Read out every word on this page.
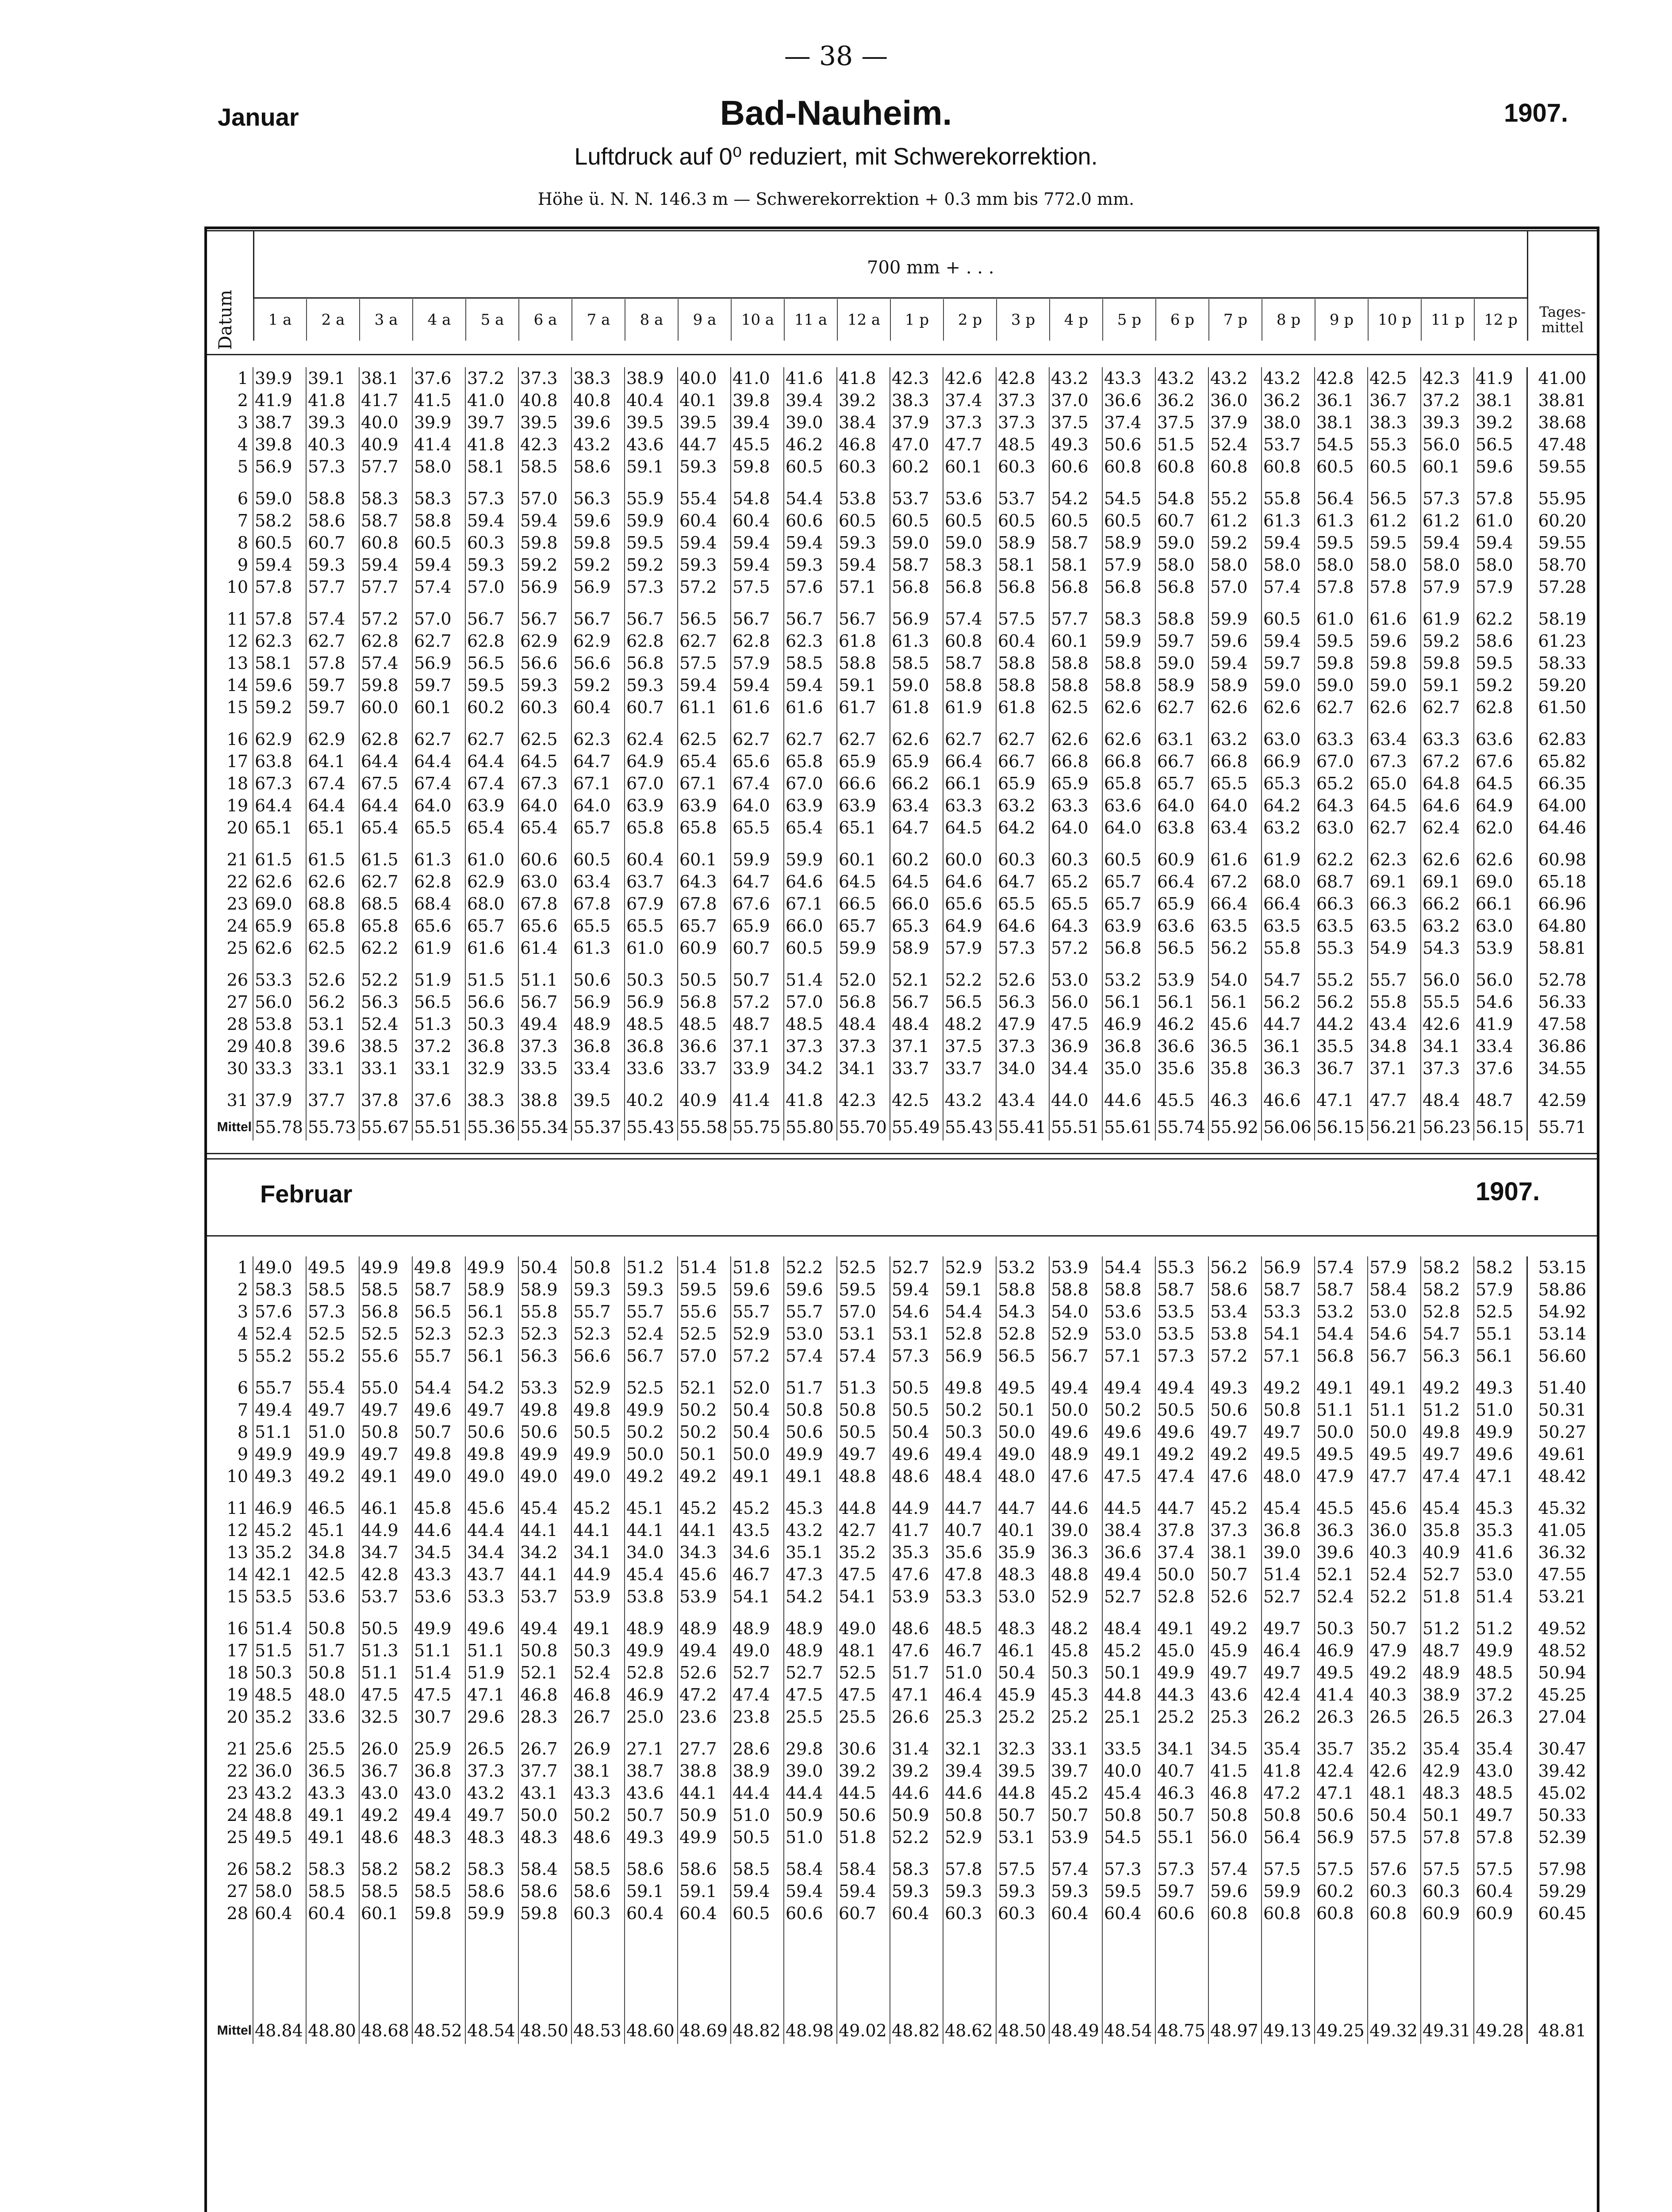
— 38 —
Januar	Bad-Nauheim.	1907.
Luftdruck auf 0⁰ reduziert, mit Schwerekorrektion.
Höhe ü. N. N. 146.3 m — Schwerekorrektion + 0.3 mm bis 772.0 mm.
700 mm + . . .
Datum 1 a	2 a	3 a	4 a	5 a	6 a	7 a	8 a	9 a	10 a	11 a	12 a	1 p	2 p	3 p	4 p	5 p	6 p	7 p	8 p	9 p	10 p	11 p	12 p	Tages-mittel
1	39.9	39.1	38.1	37.6	37.2	37.3	38.3	38.9	40.0	41.0	41.6	41.8	42.3	42.6	42.8	43.2	43.3	43.2	43.2	43.2	42.8	42.5	42.3	41.9	41.00
2	41.9	41.8	41.7	41.5	41.0	40.8	40.8	40.4	40.1	39.8	39.4	39.2	38.3	37.4	37.3	37.0	36.6	36.2	36.0	36.2	36.1	36.7	37.2	38.1	38.81
3	38.7	39.3	40.0	39.9	39.7	39.5	39.6	39.5	39.5	39.4	39.0	38.4	37.9	37.3	37.3	37.5	37.4	37.5	37.9	38.0	38.1	38.3	39.3	39.2	38.68
4	39.8	40.3	40.9	41.4	41.8	42.3	43.2	43.6	44.7	45.5	46.2	46.8	47.0	47.7	48.5	49.3	50.6	51.5	52.4	53.7	54.5	55.3	56.0	56.5	47.48
5	56.9	57.3	57.7	58.0	58.1	58.5	58.6	59.1	59.3	59.8	60.5	60.3	60.2	60.1	60.3	60.6	60.8	60.8	60.8	60.8	60.5	60.5	60.1	59.6	59.55

6	59.0	58.8	58.3	58.3	57.3	57.0	56.3	55.9	55.4	54.8	54.4	53.8	53.7	53.6	53.7	54.2	54.5	54.8	55.2	55.8	56.4	56.5	57.3	57.8	55.95
7	58.2	58.6	58.7	58.8	59.4	59.4	59.6	59.9	60.4	60.4	60.6	60.5	60.5	60.5	60.5	60.5	60.5	60.7	61.2	61.3	61.3	61.2	61.2	61.0	60.20
8	60.5	60.7	60.8	60.5	60.3	59.8	59.8	59.5	59.4	59.4	59.4	59.3	59.0	59.0	58.9	58.7	58.9	59.0	59.2	59.4	59.5	59.5	59.4	59.4	59.55
9	59.4	59.3	59.4	59.4	59.3	59.2	59.2	59.2	59.3	59.4	59.3	59.4	58.7	58.3	58.1	58.1	57.9	58.0	58.0	58.0	58.0	58.0	58.0	58.0	58.70
10	57.8	57.7	57.7	57.4	57.0	56.9	56.9	57.3	57.2	57.5	57.6	57.1	56.8	56.8	56.8	56.8	56.8	56.8	57.0	57.4	57.8	57.8	57.9	57.9	57.28

11	57.8	57.4	57.2	57.0	56.7	56.7	56.7	56.7	56.5	56.7	56.7	56.7	56.9	57.4	57.5	57.7	58.3	58.8	59.9	60.5	61.0	61.6	61.9	62.2	58.19
12	62.3	62.7	62.8	62.7	62.8	62.9	62.9	62.8	62.7	62.8	62.3	61.8	61.3	60.8	60.4	60.1	59.9	59.7	59.6	59.4	59.5	59.6	59.2	58.6	61.23
13	58.1	57.8	57.4	56.9	56.5	56.6	56.6	56.8	57.5	57.9	58.5	58.8	58.5	58.7	58.8	58.8	58.8	59.0	59.4	59.7	59.8	59.8	59.8	59.5	58.33
14	59.6	59.7	59.8	59.7	59.5	59.3	59.2	59.3	59.4	59.4	59.4	59.1	59.0	58.8	58.8	58.8	58.8	58.9	58.9	59.0	59.0	59.0	59.1	59.2	59.20
15	59.2	59.7	60.0	60.1	60.2	60.3	60.4	60.7	61.1	61.6	61.6	61.7	61.8	61.9	61.8	62.5	62.6	62.7	62.6	62.6	62.7	62.6	62.7	62.8	61.50

16	62.9	62.9	62.8	62.7	62.7	62.5	62.3	62.4	62.5	62.7	62.7	62.7	62.6	62.7	62.7	62.6	62.6	63.1	63.2	63.0	63.3	63.4	63.3	63.6	62.83
17	63.8	64.1	64.4	64.4	64.4	64.5	64.7	64.9	65.4	65.6	65.8	65.9	65.9	66.4	66.7	66.8	66.8	66.7	66.8	66.9	67.0	67.3	67.2	67.6	65.82
18	67.3	67.4	67.5	67.4	67.4	67.3	67.1	67.0	67.1	67.4	67.0	66.6	66.2	66.1	65.9	65.9	65.8	65.7	65.5	65.3	65.2	65.0	64.8	64.5	66.35
19	64.4	64.4	64.4	64.0	63.9	64.0	64.0	63.9	63.9	64.0	63.9	63.9	63.4	63.3	63.2	63.3	63.6	64.0	64.0	64.2	64.3	64.5	64.6	64.9	64.00
20	65.1	65.1	65.4	65.5	65.4	65.4	65.7	65.8	65.8	65.5	65.4	65.1	64.7	64.5	64.2	64.0	64.0	63.8	63.4	63.2	63.0	62.7	62.4	62.0	64.46

21	61.5	61.5	61.5	61.3	61.0	60.6	60.5	60.4	60.1	59.9	59.9	60.1	60.2	60.0	60.3	60.3	60.5	60.9	61.6	61.9	62.2	62.3	62.6	62.6	60.98
22	62.6	62.6	62.7	62.8	62.9	63.0	63.4	63.7	64.3	64.7	64.6	64.5	64.5	64.6	64.7	65.2	65.7	66.4	67.2	68.0	68.7	69.1	69.1	69.0	65.18
23	69.0	68.8	68.5	68.4	68.0	67.8	67.8	67.9	67.8	67.6	67.1	66.5	66.0	65.6	65.5	65.5	65.7	65.9	66.4	66.4	66.3	66.3	66.2	66.1	66.96
24	65.9	65.8	65.8	65.6	65.7	65.6	65.5	65.5	65.7	65.9	66.0	65.7	65.3	64.9	64.6	64.3	63.9	63.6	63.5	63.5	63.5	63.5	63.2	63.0	64.80
25	62.6	62.5	62.2	61.9	61.6	61.4	61.3	61.0	60.9	60.7	60.5	59.9	58.9	57.9	57.3	57.2	56.8	56.5	56.2	55.8	55.3	54.9	54.3	53.9	58.81

26	53.3	52.6	52.2	51.9	51.5	51.1	50.6	50.3	50.5	50.7	51.4	52.0	52.1	52.2	52.6	53.0	53.2	53.9	54.0	54.7	55.2	55.7	56.0	56.0	52.78
27	56.0	56.2	56.3	56.5	56.6	56.7	56.9	56.9	56.8	57.2	57.0	56.8	56.7	56.5	56.3	56.0	56.1	56.1	56.1	56.2	56.2	55.8	55.5	54.6	56.33
28	53.8	53.1	52.4	51.3	50.3	49.4	48.9	48.5	48.5	48.7	48.5	48.4	48.4	48.2	47.9	47.5	46.9	46.2	45.6	44.7	44.2	43.4	42.6	41.9	47.58
29	40.8	39.6	38.5	37.2	36.8	37.3	36.8	36.8	36.6	37.1	37.3	37.3	37.1	37.5	37.3	36.9	36.8	36.6	36.5	36.1	35.5	34.8	34.1	33.4	36.86
30	33.3	33.1	33.1	33.1	32.9	33.5	33.4	33.6	33.7	33.9	34.2	34.1	33.7	33.7	34.0	34.4	35.0	35.6	35.8	36.3	36.7	37.1	37.3	37.6	34.55

31	37.9	37.7	37.8	37.6	38.3	38.8	39.5	40.2	40.9	41.4	41.8	42.3	42.5	43.2	43.4	44.0	44.6	45.5	46.3	46.6	47.1	47.7	48.4	48.7	42.59

Mittel	55.78	55.73	55.67	55.51	55.36	55.34	55.37	55.43	55.58	55.75	55.80	55.70	55.49	55.43	55.41	55.51	55.61	55.74	55.92	56.06	56.15	56.21	56.23	56.15	55.71
Februar	1907.
1	49.0	49.5	49.9	49.8	49.9	50.4	50.8	51.2	51.4	51.8	52.2	52.5	52.7	52.9	53.2	53.9	54.4	55.3	56.2	56.9	57.4	57.9	58.2	58.2	53.15
2	58.3	58.5	58.5	58.7	58.9	58.9	59.3	59.3	59.5	59.6	59.6	59.5	59.4	59.1	58.8	58.8	58.8	58.7	58.6	58.7	58.7	58.4	58.2	57.9	58.86
3	57.6	57.3	56.8	56.5	56.1	55.8	55.7	55.7	55.6	55.7	55.7	57.0	54.6	54.4	54.3	54.0	53.6	53.5	53.4	53.3	53.2	53.0	52.8	52.5	54.92
4	52.4	52.5	52.5	52.3	52.3	52.3	52.3	52.4	52.5	52.9	53.0	53.1	53.1	52.8	52.8	52.9	53.0	53.5	53.8	54.1	54.4	54.6	54.7	55.1	53.14
5	55.2	55.2	55.6	55.7	56.1	56.3	56.6	56.7	57.0	57.2	57.4	57.4	57.3	56.9	56.5	56.7	57.1	57.3	57.2	57.1	56.8	56.7	56.3	56.1	56.60

6	55.7	55.4	55.0	54.4	54.2	53.3	52.9	52.5	52.1	52.0	51.7	51.3	50.5	49.8	49.5	49.4	49.4	49.4	49.3	49.2	49.1	49.1	49.2	49.3	51.40
7	49.4	49.7	49.7	49.6	49.7	49.8	49.8	49.9	50.2	50.4	50.8	50.8	50.5	50.2	50.1	50.0	50.2	50.5	50.6	50.8	51.1	51.1	51.2	51.0	50.31
8	51.1	51.0	50.8	50.7	50.6	50.6	50.5	50.2	50.2	50.4	50.6	50.5	50.4	50.3	50.0	49.6	49.6	49.6	49.7	49.7	50.0	50.0	49.8	49.9	50.27
9	49.9	49.9	49.7	49.8	49.8	49.9	49.9	50.0	50.1	50.0	49.9	49.7	49.6	49.4	49.0	48.9	49.1	49.2	49.2	49.5	49.5	49.5	49.7	49.6	49.61
10	49.3	49.2	49.1	49.0	49.0	49.0	49.0	49.2	49.2	49.1	49.1	48.8	48.6	48.4	48.0	47.6	47.5	47.4	47.6	48.0	47.9	47.7	47.4	47.1	48.42

11	46.9	46.5	46.1	45.8	45.6	45.4	45.2	45.1	45.2	45.2	45.3	44.8	44.9	44.7	44.7	44.6	44.5	44.7	45.2	45.4	45.5	45.6	45.4	45.3	45.32
12	45.2	45.1	44.9	44.6	44.4	44.1	44.1	44.1	44.1	43.5	43.2	42.7	41.7	40.7	40.1	39.0	38.4	37.8	37.3	36.8	36.3	36.0	35.8	35.3	41.05
13	35.2	34.8	34.7	34.5	34.4	34.2	34.1	34.0	34.3	34.6	35.1	35.2	35.3	35.6	35.9	36.3	36.6	37.4	38.1	39.0	39.6	40.3	40.9	41.6	36.32
14	42.1	42.5	42.8	43.3	43.7	44.1	44.9	45.4	45.6	46.7	47.3	47.5	47.6	47.8	48.3	48.8	49.4	50.0	50.7	51.4	52.1	52.4	52.7	53.0	47.55
15	53.5	53.6	53.7	53.6	53.3	53.7	53.9	53.8	53.9	54.1	54.2	54.1	53.9	53.3	53.0	52.9	52.7	52.8	52.6	52.7	52.4	52.2	51.8	51.4	53.21

16	51.4	50.8	50.5	49.9	49.6	49.4	49.1	48.9	48.9	48.9	48.9	49.0	48.6	48.5	48.3	48.2	48.4	49.1	49.2	49.7	50.3	50.7	51.2	51.2	49.52
17	51.5	51.7	51.3	51.1	51.1	50.8	50.3	49.9	49.4	49.0	48.9	48.1	47.6	46.7	46.1	45.8	45.2	45.0	45.9	46.4	46.9	47.9	48.7	49.9	48.52
18	50.3	50.8	51.1	51.4	51.9	52.1	52.4	52.8	52.6	52.7	52.7	52.5	51.7	51.0	50.4	50.3	50.1	49.9	49.7	49.7	49.5	49.2	48.9	48.5	50.94
19	48.5	48.0	47.5	47.5	47.1	46.8	46.8	46.9	47.2	47.4	47.5	47.5	47.1	46.4	45.9	45.3	44.8	44.3	43.6	42.4	41.4	40.3	38.9	37.2	45.25
20	35.2	33.6	32.5	30.7	29.6	28.3	26.7	25.0	23.6	23.8	25.5	25.5	26.6	25.3	25.2	25.2	25.1	25.2	25.3	26.2	26.3	26.5	26.5	26.3	27.04

21	25.6	25.5	26.0	25.9	26.5	26.7	26.9	27.1	27.7	28.6	29.8	30.6	31.4	32.1	32.3	33.1	33.5	34.1	34.5	35.4	35.7	35.2	35.4	35.4	30.47
22	36.0	36.5	36.7	36.8	37.3	37.7	38.1	38.7	38.8	38.9	39.0	39.2	39.2	39.4	39.5	39.7	40.0	40.7	41.5	41.8	42.4	42.6	42.9	43.0	39.42
23	43.2	43.3	43.0	43.0	43.2	43.1	43.3	43.6	44.1	44.4	44.4	44.5	44.6	44.6	44.8	45.2	45.4	46.3	46.8	47.2	47.1	48.1	48.3	48.5	45.02
24	48.8	49.1	49.2	49.4	49.7	50.0	50.2	50.7	50.9	51.0	50.9	50.6	50.9	50.8	50.7	50.7	50.8	50.7	50.8	50.8	50.6	50.4	50.1	49.7	50.33
25	49.5	49.1	48.6	48.3	48.3	48.3	48.6	49.3	49.9	50.5	51.0	51.8	52.2	52.9	53.1	53.9	54.5	55.1	56.0	56.4	56.9	57.5	57.8	57.8	52.39

26	58.2	58.3	58.2	58.2	58.3	58.4	58.5	58.6	58.6	58.5	58.4	58.4	58.3	57.8	57.5	57.4	57.3	57.3	57.4	57.5	57.5	57.6	57.5	57.5	57.98
27	58.0	58.5	58.5	58.5	58.6	58.6	58.6	59.1	59.1	59.4	59.4	59.4	59.3	59.3	59.3	59.3	59.5	59.7	59.6	59.9	60.2	60.3	60.3	60.4	59.29
28	60.4	60.4	60.1	59.8	59.9	59.8	60.3	60.4	60.4	60.5	60.6	60.7	60.4	60.3	60.3	60.4	60.4	60.6	60.8	60.8	60.8	60.8	60.9	60.9	60.45

Mittel	48.84	48.80	48.68	48.52	48.54	48.50	48.53	48.60	48.69	48.82	48.98	49.02	48.82	48.62	48.50	48.49	48.54	48.75	48.97	49.13	49.25	49.32	49.31	49.28	48.81
